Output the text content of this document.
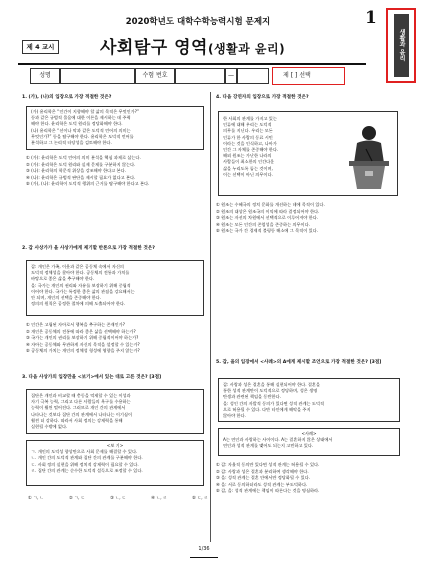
2020학년도 대학수학능력시험 문제지	1
생활과 윤리
제 4 교시	사회탐구 영역(생활과 윤리)
성명	수험 번호	—	제 [ ] 선택
1. (가), (나)의 입장으로 가장 적절한 것은?
(가) 윤리학은 “인간이 지향해야 할 삶의 목적은 무엇인가?”
등과 같은 규범적 물음에 대한 이론을 제시하는 데 주력
해야 한다. 윤리학은 도덕 원리를 정당화해야 한다.
(나) 윤리학은 “선이나 악과 같은 도덕적 언어의 의미는
무엇인가?” 등을 탐구해야 한다. 윤리학은 도덕적 언어를
분석하고 그 논리적 타당성을 검토해야 한다.
① (가): 윤리학은 도덕 언어의 의미 분석을 핵심 과제로 삼는다.
② (가): 윤리학은 도덕 원리와 실제 문제를 구분하지 않는다.
③ (나): 윤리학의 학문적 위상을 강조해야 한다고 본다.
④ (나): 윤리학은 규범적 판단을 제시할 필요가 없다고 본다.
⑤ (가), (나): 윤리학이 도덕적 행위의 근거를 탐구해야 한다고 본다.
2. 갑 사상가가 을 사상가에게 제기할 반론으로 가장 적절한 것은?
갑: 개인은 가족, 이웃과 같은 공동체 속에서 자신의
도덕적 정체성을 찾아야 한다. 공동체의 전통과 가치를
바탕으로 좋은 삶을 추구해야 한다.
을: 국가는 개인의 권리와 자유를 보장하기 위해 중립적
이어야 한다. 국가는 특정한 좋은 삶의 관점을 강요해서는
안 되며, 개인의 선택을 존중해야 한다.
정의의 원칙은 공정한 절차에 의해 도출되어야 한다.
① 인간은 고립된 자아로서 행복을 추구하는 존재인가?
② 개인은 공동체의 전통에 따라 좋은 삶을 선택해야 하는가?
③ 국가는 개인의 권리를 보장하기 위해 중립적이어야 하는가?
④ 자아는 공동체와 무관하게 자신의 목적을 설정할 수 있는가?
⑤ 공동체의 가치는 개인의 정체성 형성에 영향을 주지 않는가?
3. 다음 사상가의 입장만을 <보기>에서 있는 대로 고른 것은? [3점]
집단은 개인과 비교할 때 충동을 억제할 수 있는 이성과
자기 극복 능력, 그리고 다른 사람들의 욕구를 수용하는
능력이 훨씬 떨어진다. 그러므로 개인 간의 관계에서
나타나는 것보다 집단 간의 관계에서 나타나는 이기심이
훨씬 더 강하다. 따라서 사회 정의는 강제력을 통해
실현될 수밖에 없다.
<보 기>
ㄱ. 개인의 도덕성 향상만으로 사회 문제를 해결할 수 있다.
ㄴ. 개인 간의 도덕적 관계와 집단 간의 관계를 구분해야 한다.
ㄷ. 사회 정의 실현을 위해 정치적 강제력이 필요할 수 있다.
ㄹ. 집단 간의 관계는 순수한 도덕적 설득으로 조정할 수 있다.
① ㄱ, ㄴ	② ㄱ, ㄷ	③ ㄴ, ㄷ	④ ㄴ, ㄹ	⑤ ㄷ, ㄹ
4. 다음 강연자의 입장으로 가장 적절한 것은?
한 사회의 관계를 가지고 있는
인류에 대해 우리는 도덕적
의무를 지닌다. 우리는 모든
인류가 한 사람의 동료 시민
이라는 것을 인식하고, 나아가
인간 그 자체를 존중해야 한다.
해외 원조는 가난한 나라의
사람들이 최소한의 인간다운
삶을 누리도록 돕는 것이며,
이는 선택이 아닌 의무이다.
① 원조는 수혜국의 정치 문화를 개선하는 데에 목적이 있다.
② 원조의 대상은 원조국의 이익에 따라 결정되어야 한다.
③ 원조는 자선의 차원에서 선택적으로 이루어져야 한다.
④ 원조는 모든 인간의 존엄성을 존중하는 의무이다.
⑤ 원조는 국가 간 경제적 불평등 해소에 그 목적이 있다.
5. 갑, 을의 입장에서 <사례>의 A에게 제시할 조언으로 가장 적절한 것은? [3점]
갑: 사랑과 성은 결혼을 통해 실현되어야 한다. 결혼을
통한 성적 관계만이 도덕적으로 정당하며, 성은 생명
탄생과 관련된 책임을 동반한다.
을: 성인 간의 자발적 동의가 있다면 성적 관계는 도덕적
으로 허용될 수 있다. 다만 타인에게 해악을 주지
않아야 한다.
<사례>
A는 연인과 사랑하는 사이이다. A는 결혼하지 않은 상태에서
연인과 성적 관계를 맺어도 되는지 고민하고 있다.
① 갑: 자율적 동의만 있다면 성적 관계는 허용될 수 있다.
② 갑: 사랑과 성은 결혼과 분리하여 생각해야 한다.
③ 을: 성적 관계는 결혼 안에서만 정당화될 수 있다.
④ 을: 서로 동의하더라도 성적 관계는 부도덕하다.
⑤ 갑, 을: 성적 관계에는 책임이 따른다는 것을 명심하라.
1/36
